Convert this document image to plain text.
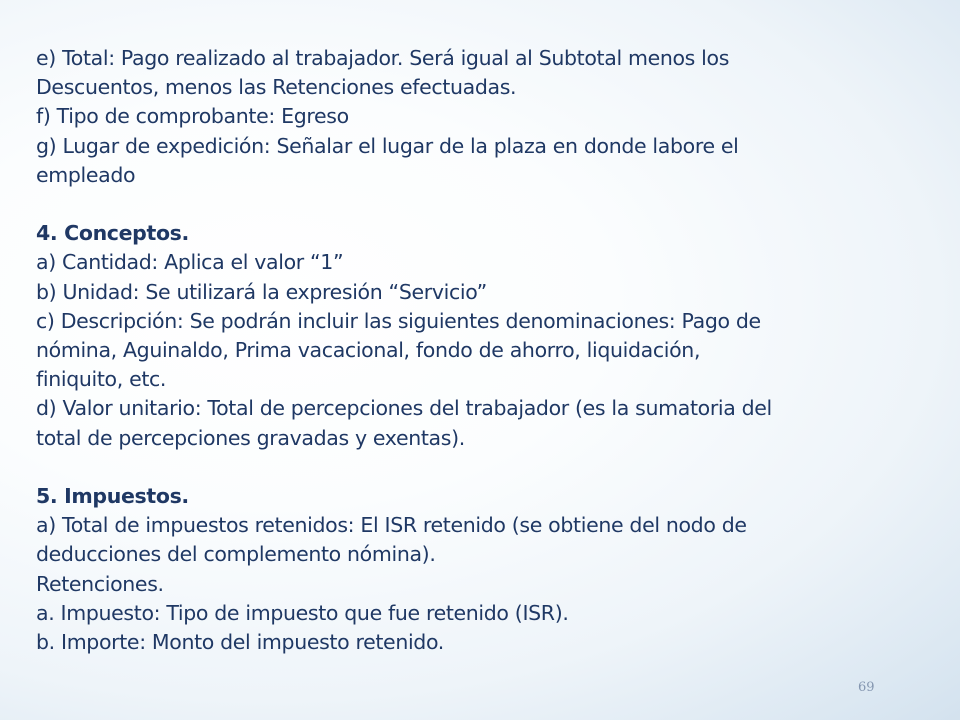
e) Total: Pago realizado al trabajador. Será igual al Subtotal menos los
Descuentos, menos las Retenciones efectuadas.
f) Tipo de comprobante: Egreso
g) Lugar de expedición: Señalar el lugar de la plaza en donde labore el
empleado
4. Conceptos.
a) Cantidad: Aplica el valor “1”
b) Unidad: Se utilizará la expresión “Servicio”
c) Descripción: Se podrán incluir las siguientes denominaciones: Pago de
nómina, Aguinaldo, Prima vacacional, fondo de ahorro, liquidación,
finiquito, etc.
d) Valor unitario: Total de percepciones del trabajador (es la sumatoria del
total de percepciones gravadas y exentas).
5. Impuestos.
a) Total de impuestos retenidos: El ISR retenido (se obtiene del nodo de
deducciones del complemento nómina).
Retenciones.
a. Impuesto: Tipo de impuesto que fue retenido (ISR).
b. Importe: Monto del impuesto retenido.
69
